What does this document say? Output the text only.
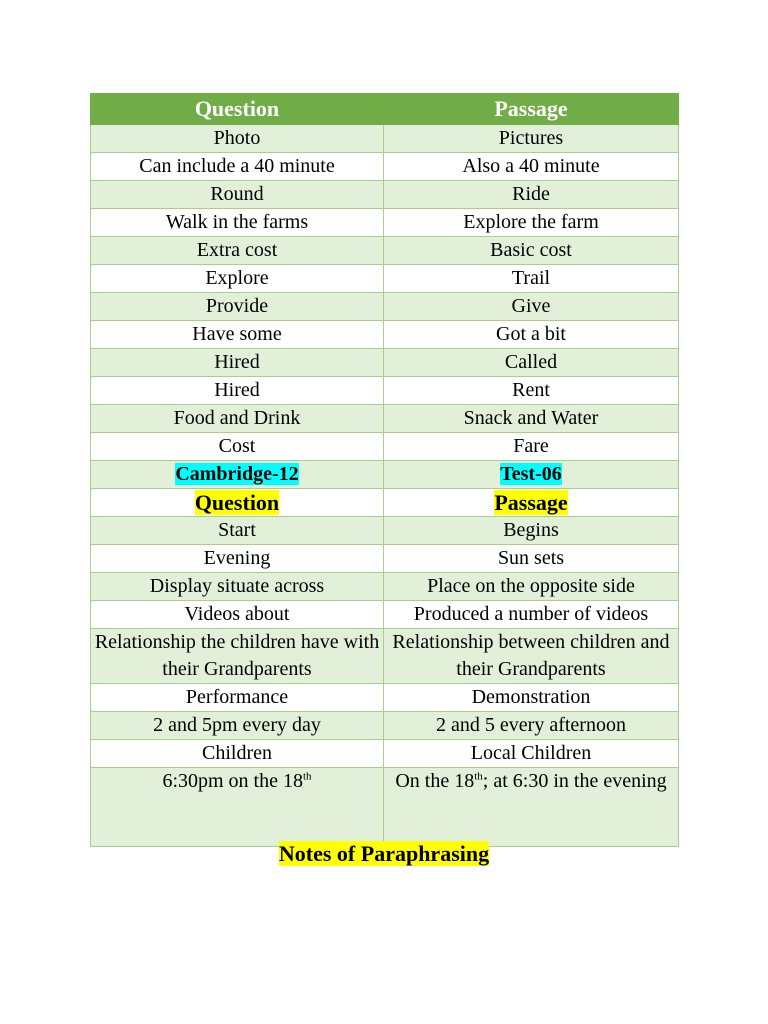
Question	Passage
Photo	Pictures
Can include a 40 minute	Also a 40 minute
Round	Ride
Walk in the farms	Explore the farm
Extra cost	Basic cost
Explore	Trail
Provide	Give
Have some	Got a bit
Hired	Called
Hired	Rent
Food and Drink	Snack and Water
Cost	Fare
Cambridge-12	Test-06
Question	Passage
Start	Begins
Evening	Sun sets
Display situate across	Place on the opposite side
Videos about	Produced a number of videos
Relationship the children have with their Grandparents	Relationship between children and their Grandparents
Performance	Demonstration
2 and 5pm every day	2 and 5 every afternoon
Children	Local Children
6:30pm on the 18th	On the 18th; at 6:30 in the evening
Notes of Paraphrasing
